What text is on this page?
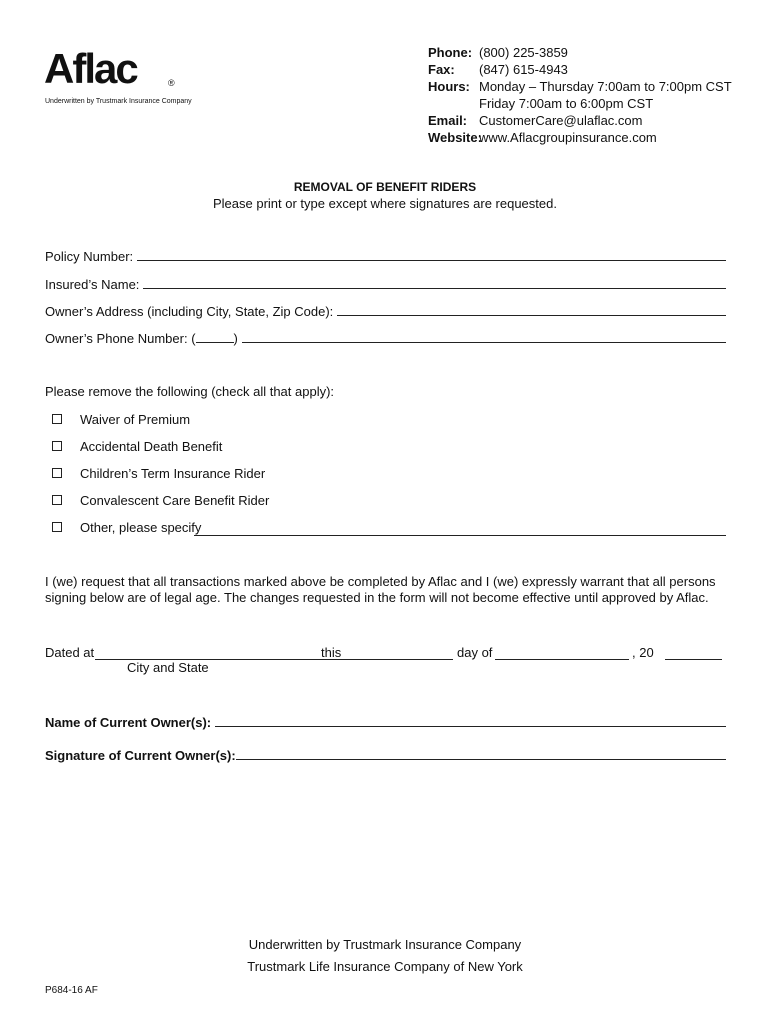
Aflac	®
Underwritten by Trustmark Insurance Company
Phone: (800) 225-3859
Fax:	(847) 615-4943
Hours: Monday – Thursday 7:00am to 7:00pm CST
Friday 7:00am to 6:00pm CST
Email: CustomerCare@ulaflac.com
Website:
www.Aflacgroupinsurance.com
REMOVAL OF BENEFIT RIDERS
Please print or type except where signatures are requested.
Policy Number:
Insured’s Name:
Owner’s Address (including City, State, Zip Code):
Owner’s Phone Number: (	)
Please remove the following (check all that apply):
Waiver of Premium
Accidental Death Benefit
Children’s Term Insurance Rider
Convalescent Care Benefit Rider
Other, please specify
I (we) request that all transactions marked above be completed by Aflac and I (we) expressly warrant that all persons signing below are of legal age. The changes requested in the form will not become effective until approved by Aflac.
Dated at	this	day of	, 20
City and State
Name of Current Owner(s):
Signature of Current Owner(s):
Underwritten by Trustmark Insurance Company
Trustmark Life Insurance Company of New York
P684-16 AF
